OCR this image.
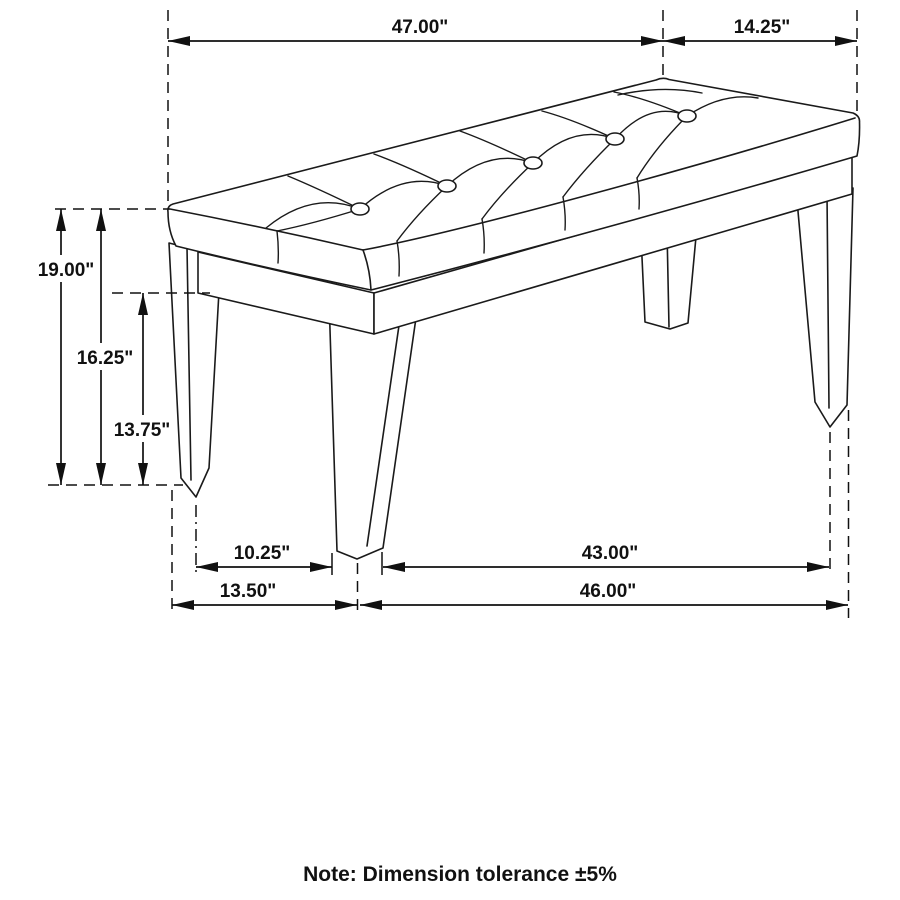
47.00"	14.25"
19.00"
16.25"
13.75"
10.25"	43.00"
13.50"	46.00"
Note: Dimension tolerance ±5%
